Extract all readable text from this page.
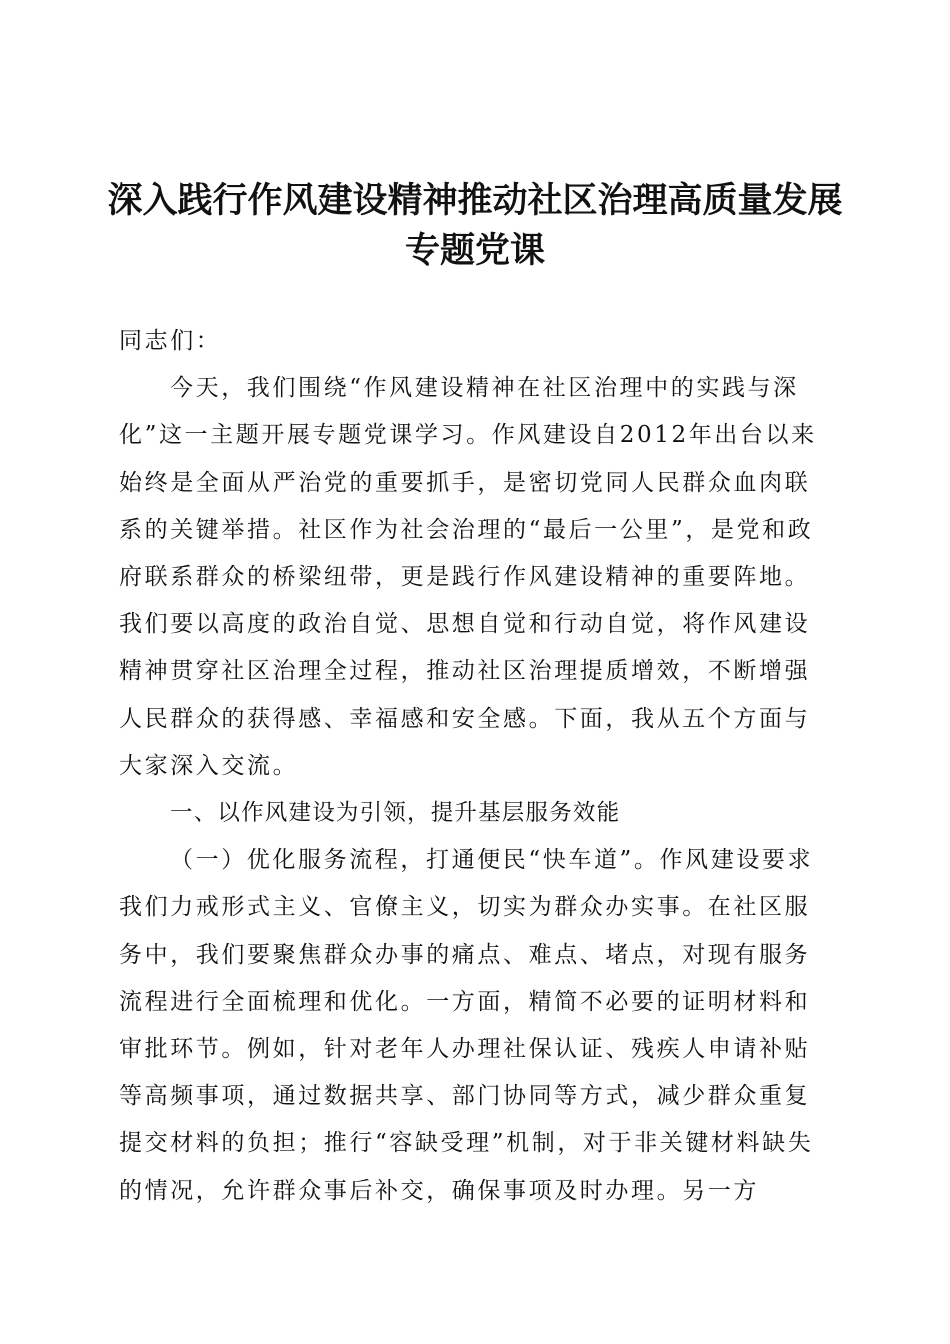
深入践行作风建设精神推动社区治理高质量发展专题党课

同志们：

今天，我们围绕“作风建设精神在社区治理中的实践与深化”这一主题开展专题党课学习。作风建设自2012年出台以来始终是全面从严治党的重要抓手，是密切党同人民群众血肉联系的关键举措。社区作为社会治理的“最后一公里”，是党和政府联系群众的桥梁纽带，更是践行作风建设精神的重要阵地。我们要以高度的政治自觉、思想自觉和行动自觉，将作风建设精神贯穿社区治理全过程，推动社区治理提质增效，不断增强人民群众的获得感、幸福感和安全感。下面，我从五个方面与大家深入交流。

一、以作风建设为引领，提升基层服务效能

（一）优化服务流程，打通便民“快车道”。作风建设要求我们力戒形式主义、官僚主义，切实为群众办实事。在社区服务中，我们要聚焦群众办事的痛点、难点、堵点，对现有服务流程进行全面梳理和优化。一方面，精简不必要的证明材料和审批环节。例如，针对老年人办理社保认证、残疾人申请补贴等高频事项，通过数据共享、部门协同等方式，减少群众重复提交材料的负担；推行“容缺受理”机制，对于非关键材料缺失的情况，允许群众事后补交，确保事项及时办理。另一方
